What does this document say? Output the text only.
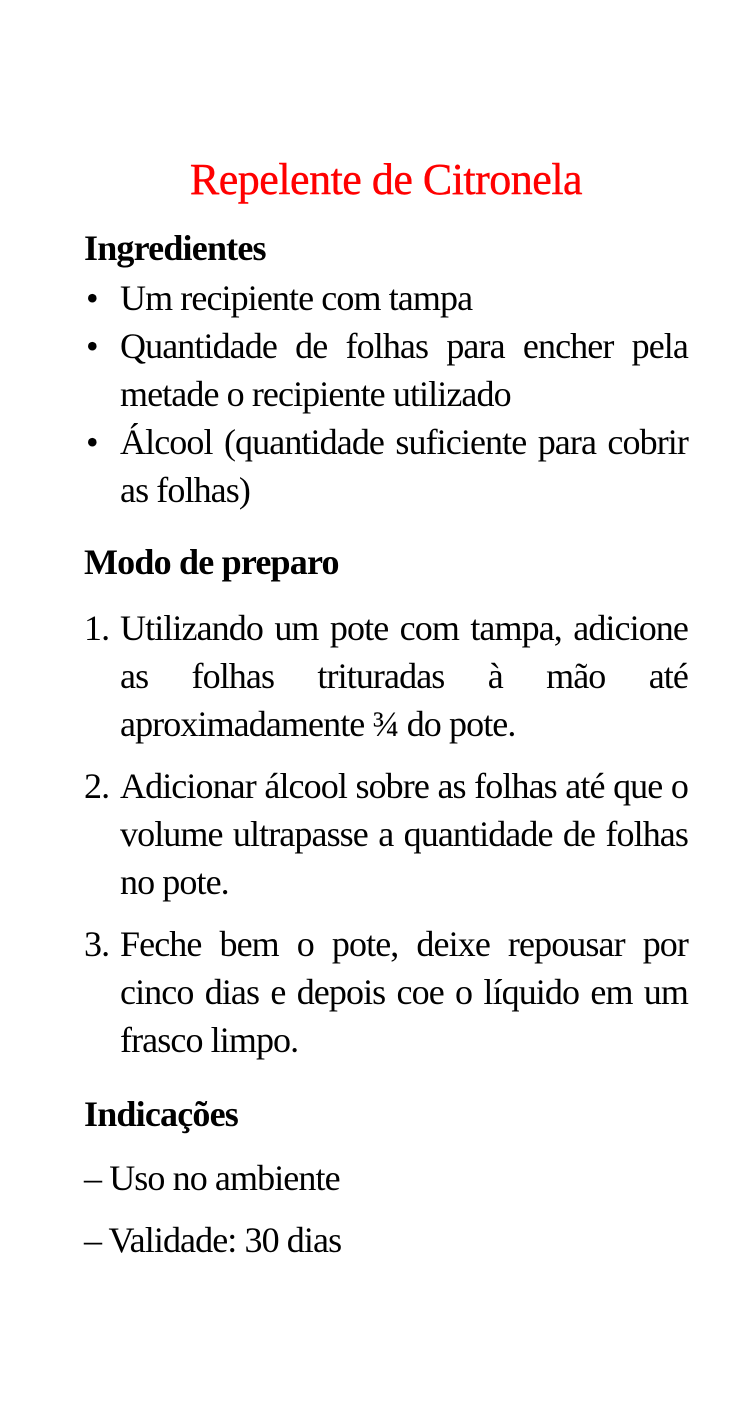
Repelente de Citronela
Ingredientes
• Um recipiente com tampa
• Quantidade de folhas para encher pela metade o recipiente utilizado
• Álcool (quantidade suficiente para cobrir as folhas)
Modo de preparo
1. Utilizando um pote com tampa, adicione as folhas trituradas à mão até aproximadamente ¾ do pote.
2. Adicionar álcool sobre as folhas até que o volume ultrapasse a quantidade de folhas no pote.
3. Feche bem o pote, deixe repousar por cinco dias e depois coe o líquido em um frasco limpo.
Indicações
– Uso no ambiente
– Validade: 30 dias
